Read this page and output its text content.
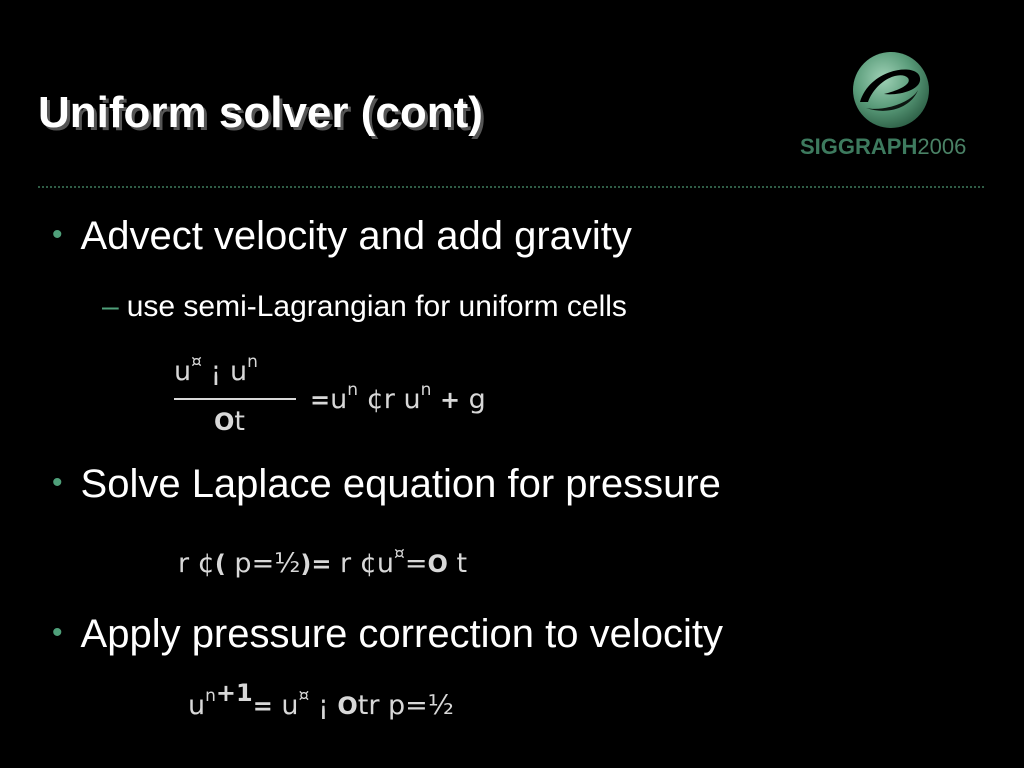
Uniform solver (cont)
SIGGRAPH2006
• Advect velocity and add gravity
– use semi-Lagrangian for uniform cells
u¤ ¡ $u^n$
Ot
$=u^n$ ¢r $u^n + g$
• Solve Laplace equation for pressure
r ¢( p=½)= r ¢u¤=O t
• Apply pressure correction to velocity
$u^n+1= u^¤$ ¡ Otr p=½
